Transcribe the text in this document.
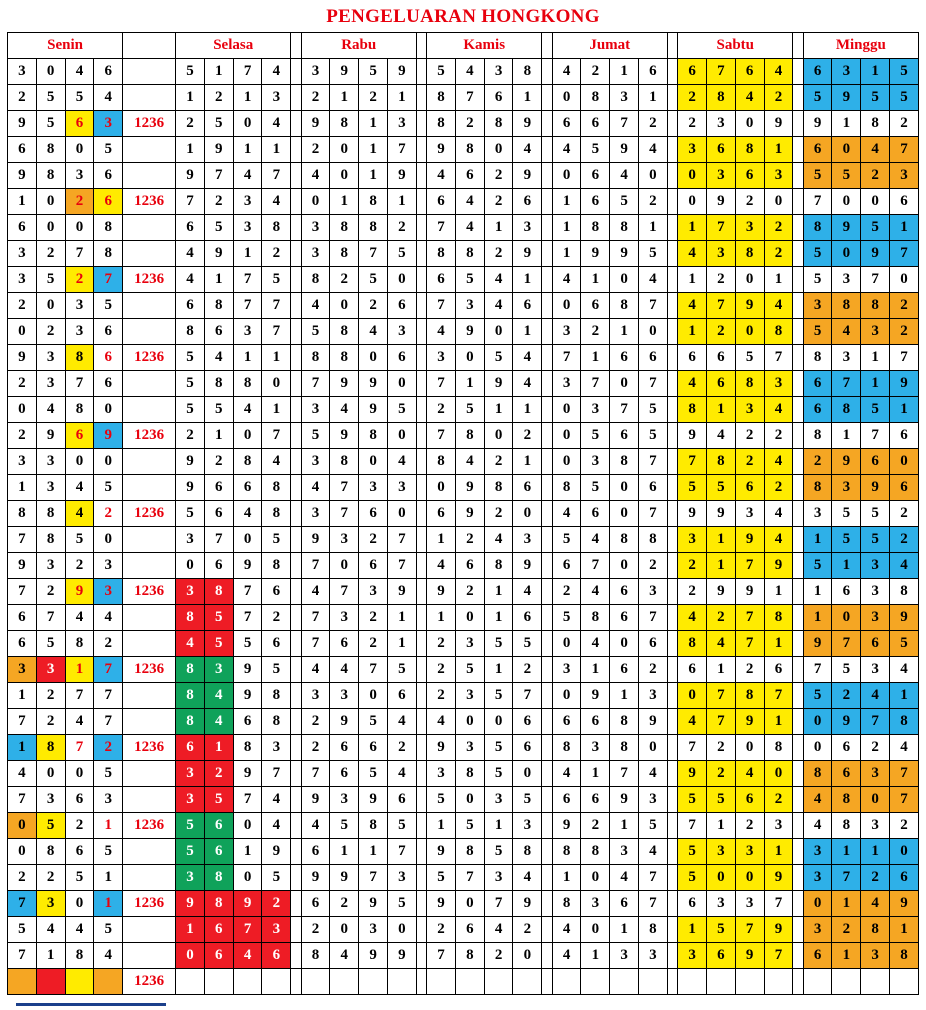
PENGELUARAN HONGKONG
Senin					Selasa					Rabu					Kamis					Jumat					Sabtu					Minggu			
3	0	4	6		5	1	7	4		3	9	5	9		5	4	3	8		4	2	1	6		6	7	6	4		6	3	1	5
2	5	5	4		1	2	1	3		2	1	2	1		8	7	6	1		0	8	3	1		2	8	4	2		5	9	5	5
9	5	6	3	1236	2	5	0	4		9	8	1	3		8	2	8	9		6	6	7	2		2	3	0	9		9	1	8	2
6	8	0	5		1	9	1	1		2	0	1	7		9	8	0	4		4	5	9	4		3	6	8	1		6	0	4	7
9	8	3	6		9	7	4	7		4	0	1	9		4	6	2	9		0	6	4	0		0	3	6	3		5	5	2	3
1	0	2	6	1236	7	2	3	4		0	1	8	1		6	4	2	6		1	6	5	2		0	9	2	0		7	0	0	6
6	0	0	8		6	5	3	8		3	8	8	2		7	4	1	3		1	8	8	1		1	7	3	2		8	9	5	1
3	2	7	8		4	9	1	2		3	8	7	5		8	8	2	9		1	9	9	5		4	3	8	2		5	0	9	7
3	5	2	7	1236	4	1	7	5		8	2	5	0		6	5	4	1		4	1	0	4		1	2	0	1		5	3	7	0
2	0	3	5		6	8	7	7		4	0	2	6		7	3	4	6		0	6	8	7		4	7	9	4		3	8	8	2
0	2	3	6		8	6	3	7		5	8	4	3		4	9	0	1		3	2	1	0		1	2	0	8		5	4	3	2
9	3	8	6	1236	5	4	1	1		8	8	0	6		3	0	5	4		7	1	6	6		6	6	5	7		8	3	1	7
2	3	7	6		5	8	8	0		7	9	9	0		7	1	9	4		3	7	0	7		4	6	8	3		6	7	1	9
0	4	8	0		5	5	4	1		3	4	9	5		2	5	1	1		0	3	7	5		8	1	3	4		6	8	5	1
2	9	6	9	1236	2	1	0	7		5	9	8	0		7	8	0	2		0	5	6	5		9	4	2	2		8	1	7	6
3	3	0	0		9	2	8	4		3	8	0	4		8	4	2	1		0	3	8	7		7	8	2	4		2	9	6	0
1	3	4	5		9	6	6	8		4	7	3	3		0	9	8	6		8	5	0	6		5	5	6	2		8	3	9	6
8	8	4	2	1236	5	6	4	8		3	7	6	0		6	9	2	0		4	6	0	7		9	9	3	4		3	5	5	2
7	8	5	0		3	7	0	5		9	3	2	7		1	2	4	3		5	4	8	8		3	1	9	4		1	5	5	2
9	3	2	3		0	6	9	8		7	0	6	7		4	6	8	9		6	7	0	2		2	1	7	9		5	1	3	4
7	2	9	3	1236	3	8	7	6		4	7	3	9		9	2	1	4		2	4	6	3		2	9	9	1		1	6	3	8
6	7	4	4		8	5	7	2		7	3	2	1		1	0	1	6		5	8	6	7		4	2	7	8		1	0	3	9
6	5	8	2		4	5	5	6		7	6	2	1		2	3	5	5		0	4	0	6		8	4	7	1		9	7	6	5
3	3	1	7	1236	8	3	9	5		4	4	7	5		2	5	1	2		3	1	6	2		6	1	2	6		7	5	3	4
1	2	7	7		8	4	9	8		3	3	0	6		2	3	5	7		0	9	1	3		0	7	8	7		5	2	4	1
7	2	4	7		8	4	6	8		2	9	5	4		4	0	0	6		6	6	8	9		4	7	9	1		0	9	7	8
1	8	7	2	1236	6	1	8	3		2	6	6	2		9	3	5	6		8	3	8	0		7	2	0	8		0	6	2	4
4	0	0	5		3	2	9	7		7	6	5	4		3	8	5	0		4	1	7	4		9	2	4	0		8	6	3	7
7	3	6	3		3	5	7	4		9	3	9	6		5	0	3	5		6	6	9	3		5	5	6	2		4	8	0	7
0	5	2	1	1236	5	6	0	4		4	5	8	5		1	5	1	3		9	2	1	5		7	1	2	3		4	8	3	2
0	8	6	5		5	6	1	9		6	1	1	7		9	8	5	8		8	8	3	4		5	3	3	1		3	1	1	0
2	2	5	1		3	8	0	5		9	9	7	3		5	7	3	4		1	0	4	7		5	0	0	9		3	7	2	6
7	3	0	1	1236	9	8	9	2		6	2	9	5		9	0	7	9		8	3	6	7		6	3	3	7		0	1	4	9
5	4	4	5		1	6	7	3		2	0	3	0		2	6	4	2		4	0	1	8		1	5	7	9		3	2	8	1
7	1	8	4		0	6	4	6		8	4	9	9		7	8	2	0		4	1	3	3		3	6	9	7		6	1	3	8
				1236																													
